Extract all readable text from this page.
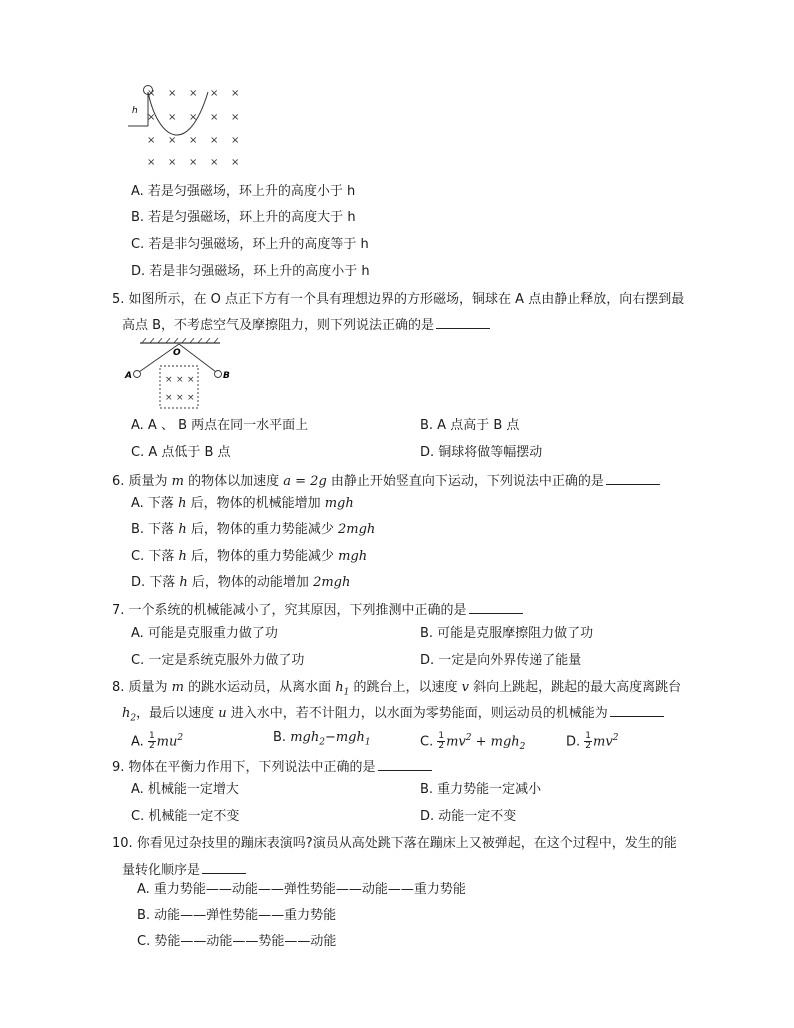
h
× × × × ×
× × × × ×
× × × × ×
× × × × ×
A. 若是匀强磁场，环上升的高度小于 h
B. 若是匀强磁场，环上升的高度大于 h
C. 若是非匀强磁场，环上升的高度等于 h
D. 若是非匀强磁场，环上升的高度小于 h
5. 如图所示，在 O 点正下方有一个具有理想边界的方形磁场，铜球在 A 点由静止释放，向右摆到最
高点 B，不考虑空气及摩擦阻力，则下列说法正确的是
O
A	B
× × ×
× × ×
A. A 、 B 两点在同一水平面上	B. A 点高于 B 点
C. A 点低于 B 点	D. 铜球将做等幅摆动
6. 质量为 m 的物体以加速度 a = 2g 由静止开始竖直向下运动，下列说法中正确的是
A. 下落 h 后，物体的机械能增加 mgh
B. 下落 h 后，物体的重力势能减少 2mgh
C. 下落 h 后，物体的重力势能减少 mgh
D. 下落 h 后，物体的动能增加 2mgh
7. 一个系统的机械能减小了，究其原因，下列推测中正确的是
A. 可能是克服重力做了功	B. 可能是克服摩擦阻力做了功
C. 一定是系统克服外力做了功	D. 一定是向外界传递了能量
8. 质量为 m 的跳水运动员，从离水面 $h_1$ 的跳台上，以速度 v 斜向上跳起，跳起的最大高度离跳台
$h_2$，最后以速度 u 进入水中，若不计阻力，以水面为零势能面，则运动员的机械能为
A. $\frac{1}{2} mu^2$	B. mgh$_2$−mgh$_1$	C. $\frac{1}{2} mv^2 + mgh_2$	D. $\frac{1}{2} mv^2$
9. 物体在平衡力作用下，下列说法中正确的是
A. 机械能一定增大	B. 重力势能一定减小
C. 机械能一定不变	D. 动能一定不变
10. 你看见过杂技里的蹦床表演吗?演员从高处跳下落在蹦床上又被弹起，在这个过程中，发生的能
量转化顺序是
A. 重力势能——动能——弹性势能——动能——重力势能
B. 动能——弹性势能——重力势能
C. 势能——动能——势能——动能
